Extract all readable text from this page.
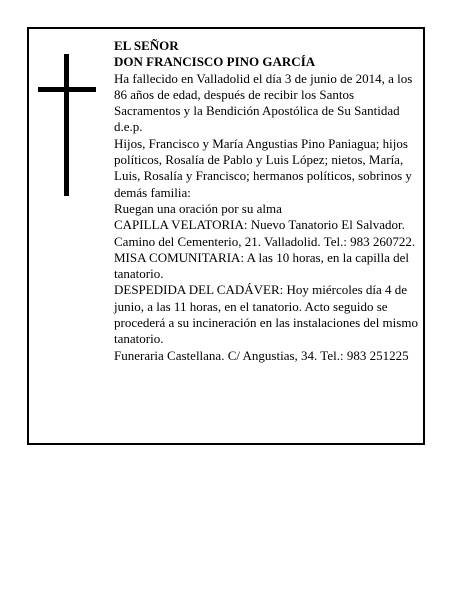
EL SEÑOR

DON FRANCISCO PINO GARCÍA

Ha fallecido en Valladolid el día 3 de junio de 2014, a los 86 años de edad, después de recibir los Santos Sacramentos y la Bendición Apostólica de Su Santidad d.e.p.

Hijos, Francisco y María Angustias Pino Paniagua; hijos políticos, Rosalía de Pablo y Luis López; nietos, María, Luis, Rosalía y Francisco; hermanos políticos, sobrinos y demás familia:

Ruegan una oración por su alma

CAPILLA VELATORIA: Nuevo Tanatorio El Salvador. Camino del Cementerio, 21. Valladolid. Tel.: 983 260722. MISA COMUNITARIA: A las 10 horas, en la capilla del tanatorio.

DESPEDIDA DEL CADÁVER: Hoy miércoles día 4 de junio, a las 11 horas, en el tanatorio. Acto seguido se procederá a su incineración en las instalaciones del mismo tanatorio.

Funeraria Castellana. C/ Angustias, 34. Tel.: 983 251225
